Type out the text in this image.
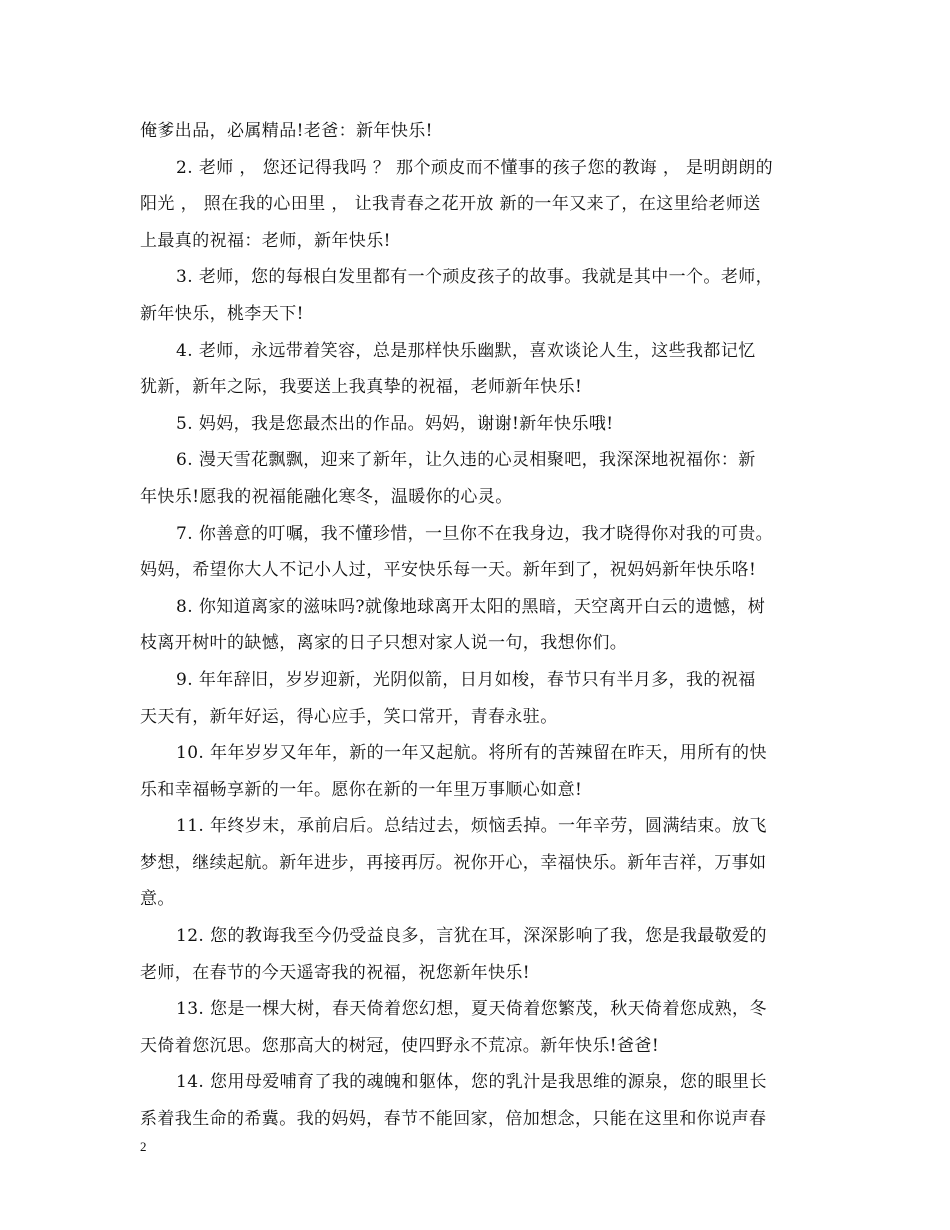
俺爹出品，必属精品!老爸：新年快乐!
2. 老师 ， 您还记得我吗 ？ 那个顽皮而不懂事的孩子您的教诲 ， 是明朗朗的
阳光 ， 照在我的心田里 ， 让我青春之花开放 新的一年又来了，在这里给老师送
上最真的祝福：老师，新年快乐!
3. 老师，您的每根白发里都有一个顽皮孩子的故事。我就是其中一个。老师，
新年快乐，桃李天下!
4. 老师，永远带着笑容，总是那样快乐幽默，喜欢谈论人生，这些我都记忆
犹新，新年之际，我要送上我真挚的祝福，老师新年快乐!
5. 妈妈，我是您最杰出的作品。妈妈，谢谢!新年快乐哦!
6. 漫天雪花飘飘，迎来了新年，让久违的心灵相聚吧，我深深地祝福你：新
年快乐!愿我的祝福能融化寒冬，温暖你的心灵。
7. 你善意的叮嘱，我不懂珍惜，一旦你不在我身边，我才晓得你对我的可贵。
妈妈，希望你大人不记小人过，平安快乐每一天。新年到了，祝妈妈新年快乐咯!
8. 你知道离家的滋味吗?就像地球离开太阳的黑暗，天空离开白云的遗憾，树
枝离开树叶的缺憾，离家的日子只想对家人说一句，我想你们。
9. 年年辞旧，岁岁迎新，光阴似箭，日月如梭，春节只有半月多，我的祝福
天天有，新年好运，得心应手，笑口常开，青春永驻。
10. 年年岁岁又年年，新的一年又起航。将所有的苦辣留在昨天，用所有的快
乐和幸福畅享新的一年。愿你在新的一年里万事顺心如意!
11. 年终岁末，承前启后。总结过去，烦恼丢掉。一年辛劳，圆满结束。放飞
梦想，继续起航。新年进步，再接再厉。祝你开心，幸福快乐。新年吉祥，万事如
意。
12. 您的教诲我至今仍受益良多，言犹在耳，深深影响了我，您是我最敬爱的
老师，在春节的今天遥寄我的祝福，祝您新年快乐!
13. 您是一棵大树，春天倚着您幻想，夏天倚着您繁茂，秋天倚着您成熟，冬
天倚着您沉思。您那高大的树冠，使四野永不荒凉。新年快乐!爸爸!
14. 您用母爱哺育了我的魂魄和躯体，您的乳汁是我思维的源泉，您的眼里长
系着我生命的希冀。我的妈妈，春节不能回家，倍加想念，只能在这里和你说声春
2
